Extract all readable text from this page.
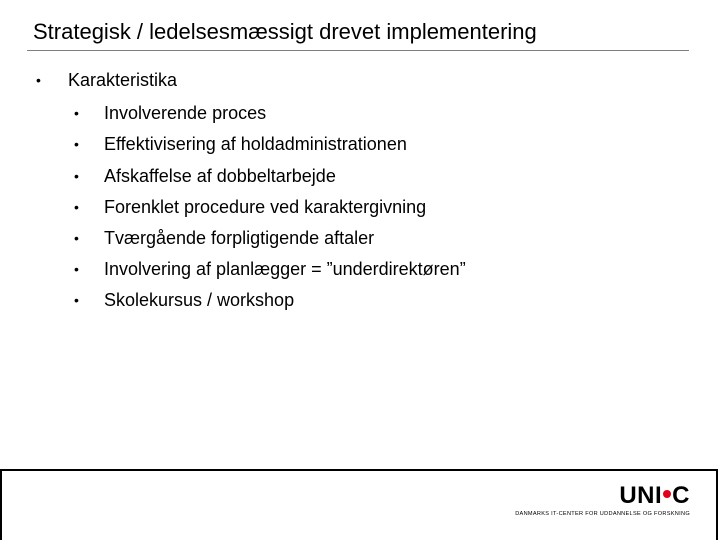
Strategisk / ledelsesmæssigt drevet implementering
• Karakteristika
• Involverende proces
• Effektivisering af holdadministrationen
• Afskaffelse af dobbeltarbejde
• Forenklet procedure ved karaktergivning
• Tværgående forpligtigende aftaler
• Involvering af planlægger = ”underdirektøren”
• Skolekursus / workshop
UNI C
DANMARKS IT-CENTER FOR UDDANNELSE OG FORSKNING
